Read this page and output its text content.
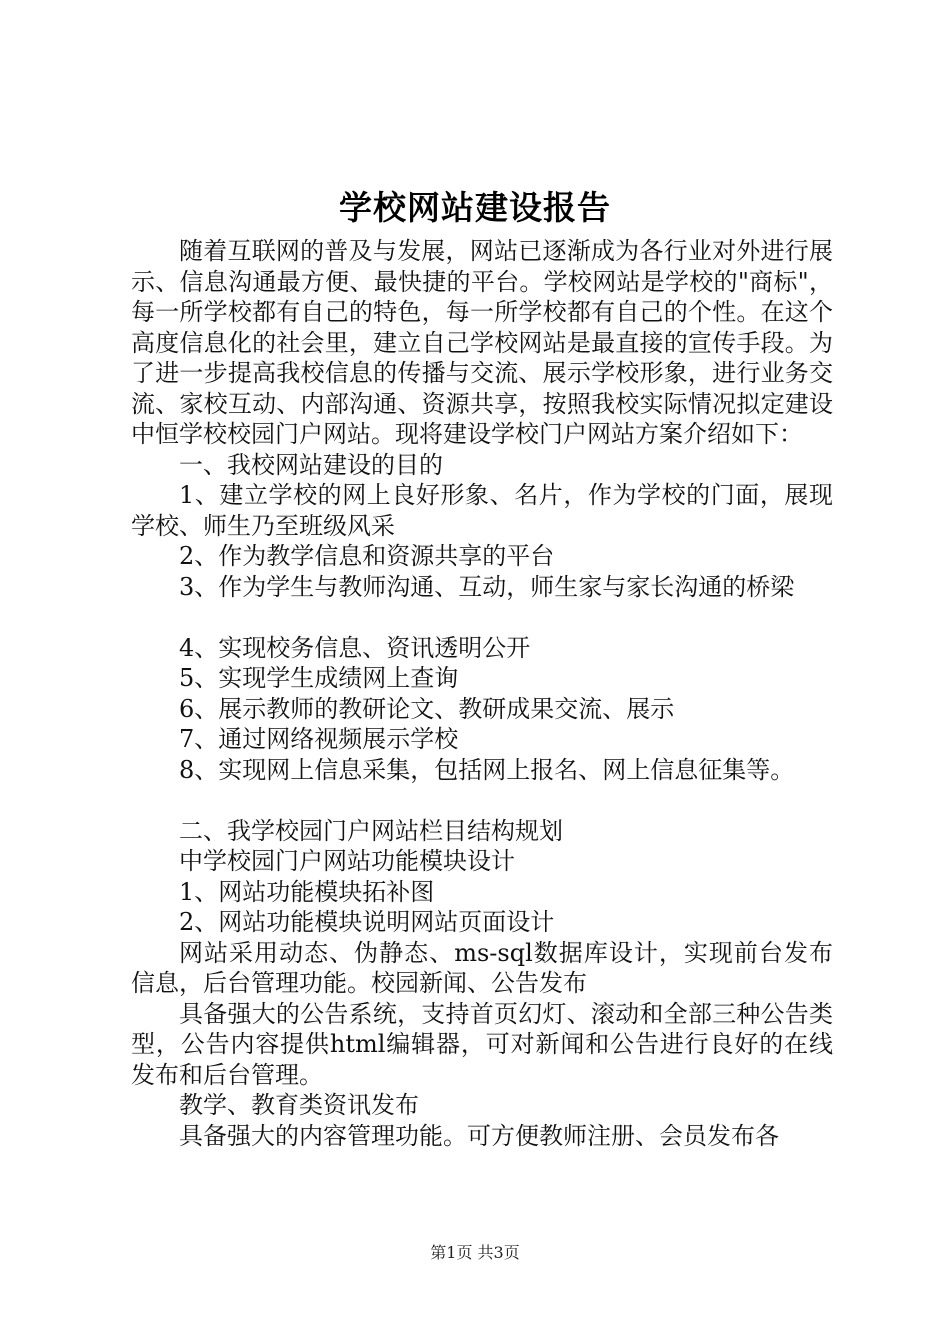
学校网站建设报告

随着互联网的普及与发展，网站已逐渐成为各行业对外进行展示、信息沟通最方便、最快捷的平台。学校网站是学校的"商标"，每一所学校都有自己的特色，每一所学校都有自己的个性。在这个高度信息化的社会里，建立自己学校网站是最直接的宣传手段。为了进一步提高我校信息的传播与交流、展示学校形象，进行业务交流、家校互动、内部沟通、资源共享，按照我校实际情况拟定建设中恒学校校园门户网站。现将建设学校门户网站方案介绍如下：

一、我校网站建设的目的

1、建立学校的网上良好形象、名片，作为学校的门面，展现学校、师生乃至班级风采

2、作为教学信息和资源共享的平台

3、作为学生与教师沟通、互动，师生家与家长沟通的桥梁

4、实现校务信息、资讯透明公开

5、实现学生成绩网上查询

6、展示教师的教研论文、教研成果交流、展示

7、通过网络视频展示学校

8、实现网上信息采集，包括网上报名、网上信息征集等。

二、我学校园门户网站栏目结构规划

中学校园门户网站功能模块设计

1、网站功能模块拓补图

2、网站功能模块说明网站页面设计

网站采用动态、伪静态、ms-sql数据库设计，实现前台发布信息，后台管理功能。校园新闻、公告发布

具备强大的公告系统，支持首页幻灯、滚动和全部三种公告类型，公告内容提供html编辑器，可对新闻和公告进行良好的在线发布和后台管理。

教学、教育类资讯发布

具备强大的内容管理功能。可方便教师注册、会员发布各

第1页 共3页
